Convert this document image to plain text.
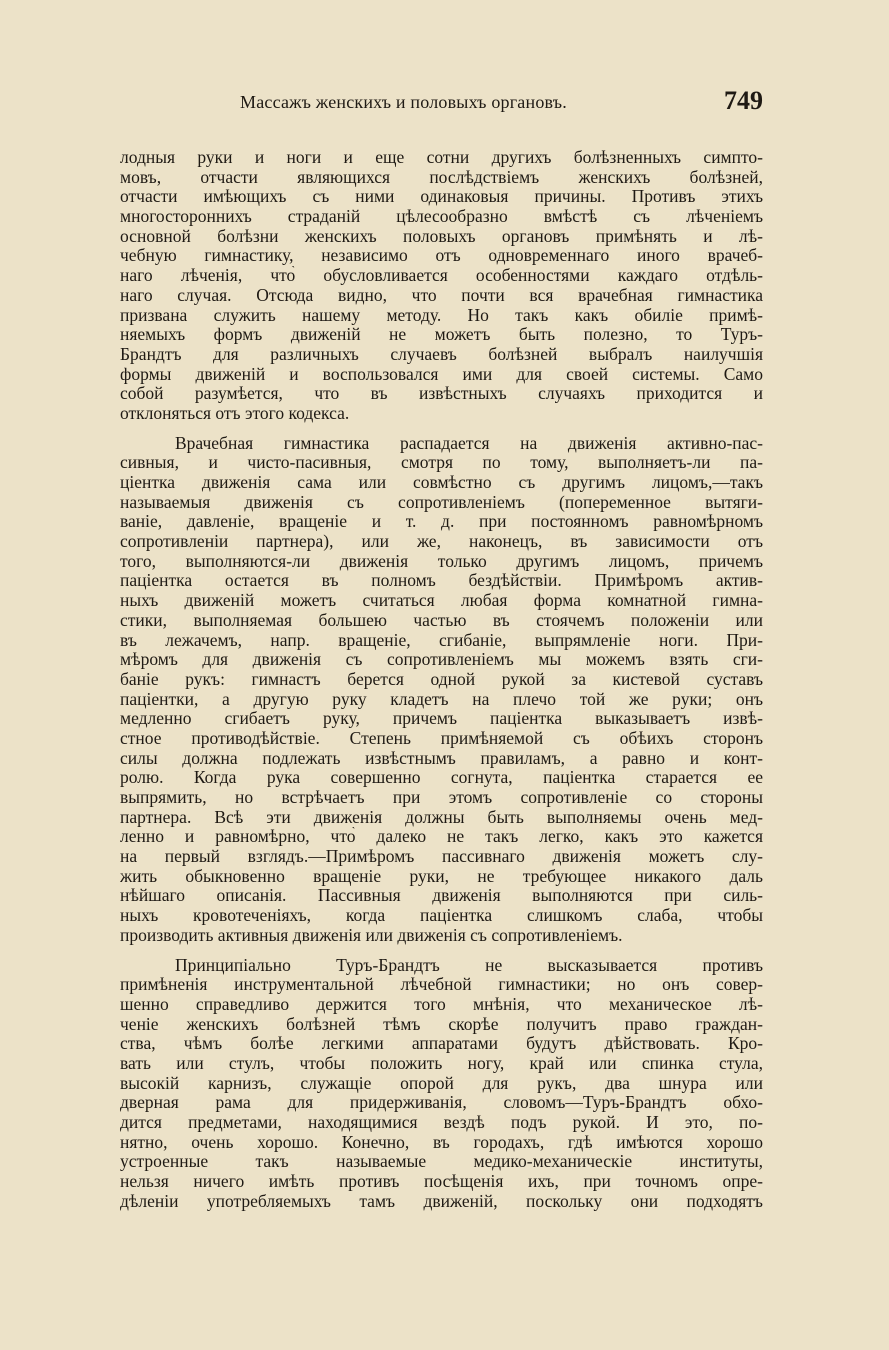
Массажъ женскихъ и половыхъ органовъ.	749
лодныя руки и ноги и еще сотни другихъ болѣзненныхъ симпто-
мовъ, отчасти являющихся послѣдствіемъ женскихъ болѣзней,
отчасти имѣющихъ съ ними одинаковыя причины. Противъ этихъ
многостороннихъ страданій цѣлесообразно вмѣстѣ съ лѣченіемъ
основной болѣзни женскихъ половыхъ органовъ примѣнять и лѣ-
чебную гимнастику, независимо отъ одновременнаго иного врачеб-
наго лѣченія, что̀ обусловливается особенностями каждаго отдѣль-
наго случая. Отсюда видно, что почти вся врачебная гимнастика
призвана служить нашему методу. Но такъ какъ обиліе примѣ-
няемыхъ формъ движеній не можетъ быть полезно, то Туръ-
Брандтъ для различныхъ случаевъ болѣзней выбралъ наилучшія
формы движеній и воспользовался ими для своей системы. Само
собой разумѣется, что въ извѣстныхъ случаяхъ приходится и
отклоняться отъ этого кодекса.
Врачебная гимнастика распадается на движенія активно-пас-
сивныя, и чисто-пасивныя, смотря по тому, выполняетъ-ли па-
ціентка движенія сама или совмѣстно съ другимъ лицомъ,—такъ
называемыя движенія съ сопротивленіемъ (попеременное вытяги-
ваніе, давленіе, вращеніе и т. д. при постоянномъ равномѣрномъ
сопротивленіи партнера), или же, наконецъ, въ зависимости отъ
того, выполняются-ли движенія только другимъ лицомъ, причемъ
паціентка остается въ полномъ бездѣйствіи. Примѣромъ актив-
ныхъ движеній можетъ считаться любая форма комнатной гимна-
стики, выполняемая большею частью въ стоячемъ положеніи или
въ лежачемъ, напр. вращеніе, сгибаніе, выпрямленіе ноги. При-
мѣромъ для движенія съ сопротивленіемъ мы можемъ взять сги-
баніе рукъ: гимнастъ берется одной рукой за кистевой суставъ
паціентки, а другую руку кладетъ на плечо той же руки; онъ
медленно сгибаетъ руку, причемъ паціентка выказываетъ извѣ-
стное противодѣйствіе. Степень примѣняемой съ обѣихъ сторонъ
силы должна подлежать извѣстнымъ правиламъ, а равно и конт-
ролю. Когда рука совершенно согнута, паціентка старается ее
выпрямить, но встрѣчаетъ при этомъ сопротивленіе со стороны
партнера. Всѣ эти движенія должны быть выполняемы очень мед-
ленно и равномѣрно, что̀ далеко не такъ легко, какъ это кажется
на первый взглядъ.—Примѣромъ пассивнаго движенія можетъ слу-
жить обыкновенно вращеніе руки, не требующее никакого даль
нѣйшаго описанія. Пассивныя движенія выполняются при силь-
ныхъ кровотеченіяхъ, когда паціентка слишкомъ слаба, чтобы
производить активныя движенія или движенія съ сопротивленіемъ.
Принципіально Туръ-Брандтъ не высказывается противъ
примѣненія инструментальной лѣчебной гимнастики; но онъ совер-
шенно справедливо держится того мнѣнія, что механическое лѣ-
ченіе женскихъ болѣзней тѣмъ скорѣе получитъ право граждан-
ства, чѣмъ болѣе легкими аппаратами будутъ дѣйствовать. Кро-
вать или стулъ, чтобы положить ногу, край или спинка стула,
высокій карнизъ, служащіе опорой для рукъ, два шнура или
дверная рама для придерживанія, словомъ—Туръ-Брандтъ обхо-
дится предметами, находящимися вездѣ подъ рукой. И это, по-
нятно, очень хорошо. Конечно, въ городахъ, гдѣ имѣются хорошо
устроенные такъ называемые медико-механическіе институты,
нельзя ничего имѣть противъ посѣщенія ихъ, при точномъ опре-
дѣленіи употребляемыхъ тамъ движеній, поскольку они подходятъ
